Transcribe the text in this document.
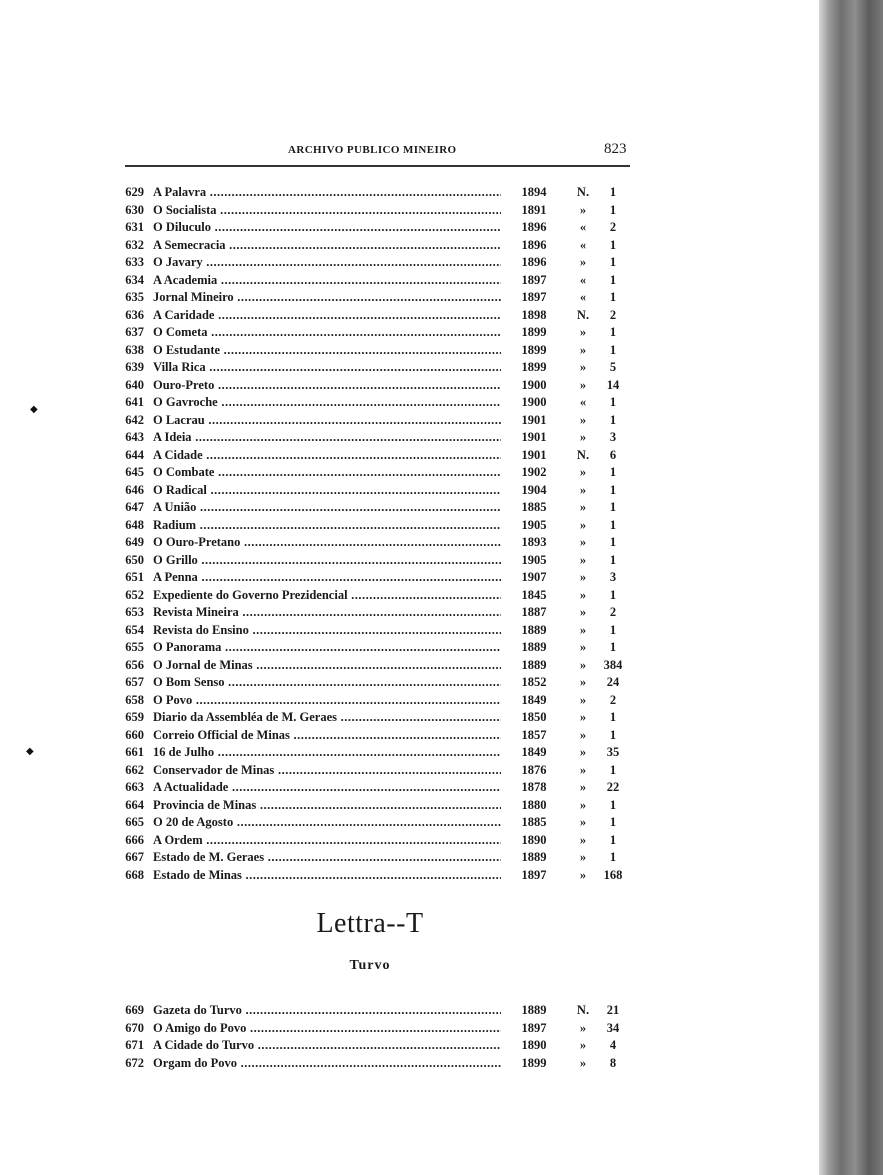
ARCHIVO PUBLICO MINEIRO	823
629 A Palavra .....	1894	N.	1
630 O Socialista .....	1891	»	1
631 O Diluculo .....	1896	«	2
632 A Semecracia .....	1896	«	1
633 O Javary .....	1896	»	1
634 A Academia .....	1897	«	1
635 Jornal Mineiro .....	1897	«	1
636 A Caridade .....	1898	N.	2
637 O Cometa .....	1899	»	1
638 O Estudante .....	1899	»	1
639 Villa Rica .....	1899	»	5
640 Ouro-Preto .....	1900	»	14
641 O Gavroche .....	1900	«	1
642 O Lacrau .....	1901	»	1
643 A Ideia .....	1901	»	3
644 A Cidade .....	1901	N.	6
645 O Combate .....	1902	»	1
646 O Radical .....	1904	»	1
647 A União .....	1885	»	1
648 Radium .....	1905	»	1
649 O Ouro-Pretano .....	1893	»	1
650 O Grillo .....	1905	»	1
651 A Penna .....	1907	»	3
652 Expediente do Governo Prezidencial .....	1845	»	1
653 Revista Mineira .....	1887	»	2
654 Revista do Ensino .....	1889	»	1
655 O Panorama .....	1889	»	1
656 O Jornal de Minas .....	1889	»	384
657 O Bom Senso .....	1852	»	24
658 O Povo .....	1849	»	2
659 Diario da Assembléa de M. Geraes .....	1850	»	1
660 Correio Official de Minas .....	1857	»	1
661 16 de Julho .....	1849	»	35
662 Conservador de Minas .....	1876	»	1
663 A Actualidade .....	1878	»	22
664 Provincia de Minas .....	1880	»	1
665 O 20 de Agosto .....	1885	»	1
666 A Ordem .....	1890	»	1
667 Estado de M. Geraes .....	1889	»	1
668 Estado de Minas .....	1897	»	168
Lettra--T
Turvo
669 Gazeta do Turvo .....	1889	N.	21
670 O Amigo do Povo .....	1897	»	34
671 A Cidade do Turvo .....	1890	»	4
672 Orgam do Povo .....	1899	»	8
◆
◆
